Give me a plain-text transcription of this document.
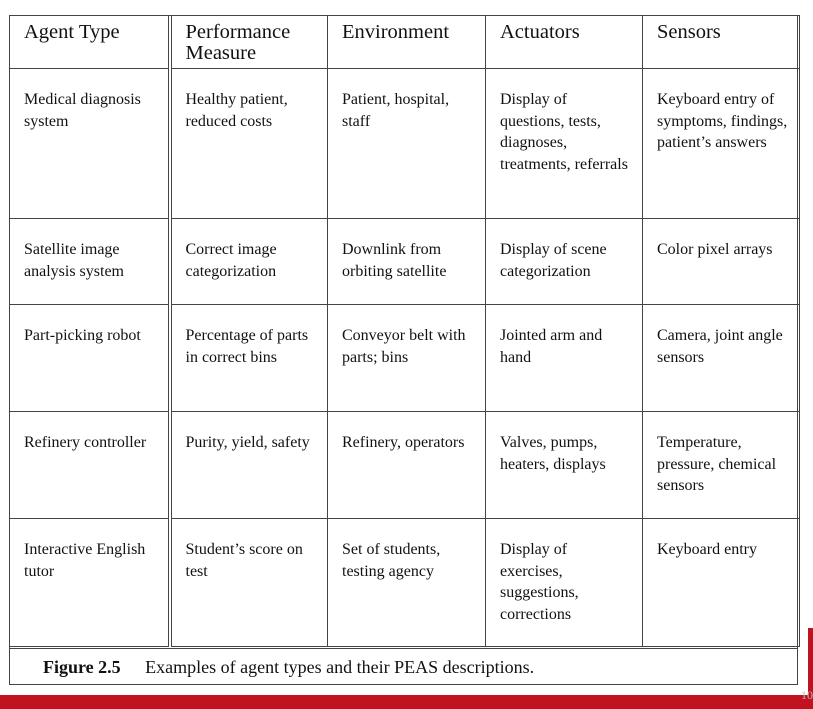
Agent Type	Performance Measure	Environment	Actuators	Sensors
Medical diagnosis system	Healthy patient, reduced costs	Patient, hospital, staff	Display of questions, tests, diagnoses, treatments, referrals	Keyboard entry of symptoms, findings, patient’s answers
Satellite image analysis system	Correct image categorization	Downlink from orbiting satellite	Display of scene categorization	Color pixel arrays
Part-picking robot	Percentage of parts in correct bins	Conveyor belt with parts; bins	Jointed arm and hand	Camera, joint angle sensors
Refinery controller	Purity, yield, safety	Refinery, operators	Valves, pumps, heaters, displays	Temperature, pressure, chemical sensors
Interactive English tutor	Student’s score on test	Set of students, testing agency	Display of exercises, suggestions, corrections	Keyboard entry
Figure 2.5 Examples of agent types and their PEAS descriptions.
10
